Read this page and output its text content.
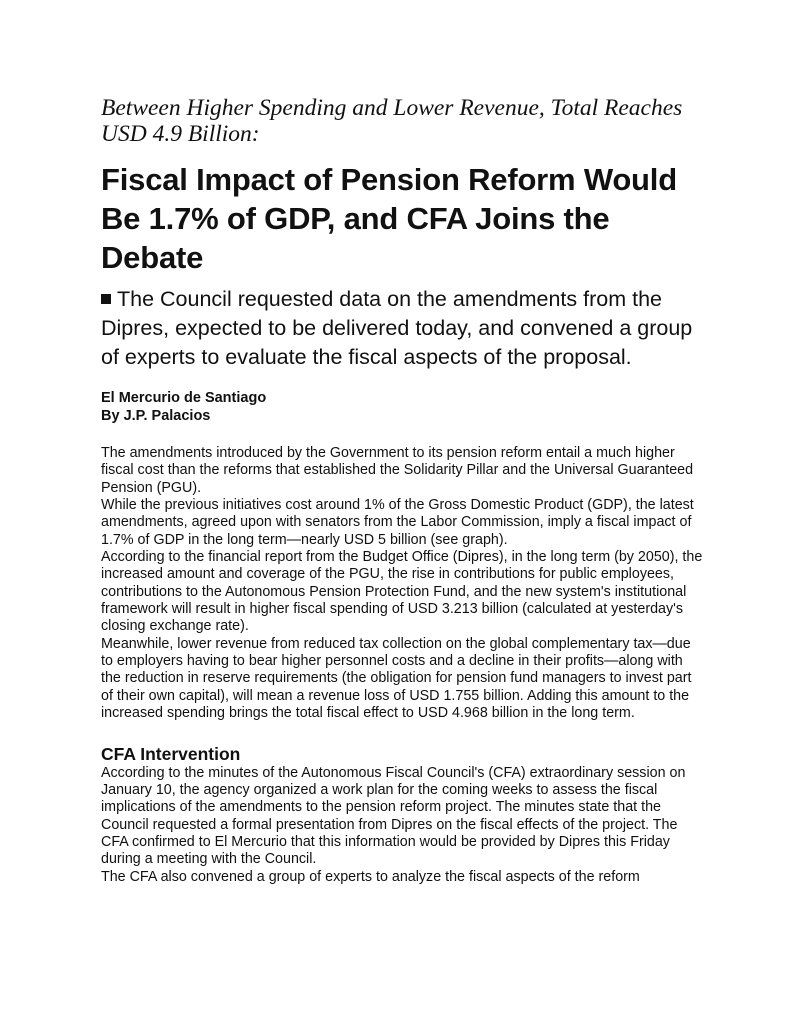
Between Higher Spending and Lower Revenue, Total Reaches USD 4.9 Billion:
Fiscal Impact of Pension Reform Would Be 1.7% of GDP, and CFA Joins the Debate
The Council requested data on the amendments from the Dipres, expected to be delivered today, and convened a group of experts to evaluate the fiscal aspects of the proposal.
El Mercurio de Santiago
By J.P. Palacios

The amendments introduced by the Government to its pension reform entail a much higher fiscal cost than the reforms that established the Solidarity Pillar and the Universal Guaranteed Pension (PGU).

While the previous initiatives cost around 1% of the Gross Domestic Product (GDP), the latest amendments, agreed upon with senators from the Labor Commission, imply a fiscal impact of 1.7% of GDP in the long term—nearly USD 5 billion (see graph).

According to the financial report from the Budget Office (Dipres), in the long term (by 2050), the increased amount and coverage of the PGU, the rise in contributions for public employees, contributions to the Autonomous Pension Protection Fund, and the new system's institutional framework will result in higher fiscal spending of USD 3.213 billion (calculated at yesterday's closing exchange rate).

Meanwhile, lower revenue from reduced tax collection on the global complementary tax—due to employers having to bear higher personnel costs and a decline in their profits—along with the reduction in reserve requirements (the obligation for pension fund managers to invest part of their own capital), will mean a revenue loss of USD 1.755 billion. Adding this amount to the increased spending brings the total fiscal effect to USD 4.968 billion in the long term.

CFA Intervention

According to the minutes of the Autonomous Fiscal Council's (CFA) extraordinary session on January 10, the agency organized a work plan for the coming weeks to assess the fiscal implications of the amendments to the pension reform project. The minutes state that the Council requested a formal presentation from Dipres on the fiscal effects of the project. The CFA confirmed to El Mercurio that this information would be provided by Dipres this Friday during a meeting with the Council.

The CFA also convened a group of experts to analyze the fiscal aspects of the reform
